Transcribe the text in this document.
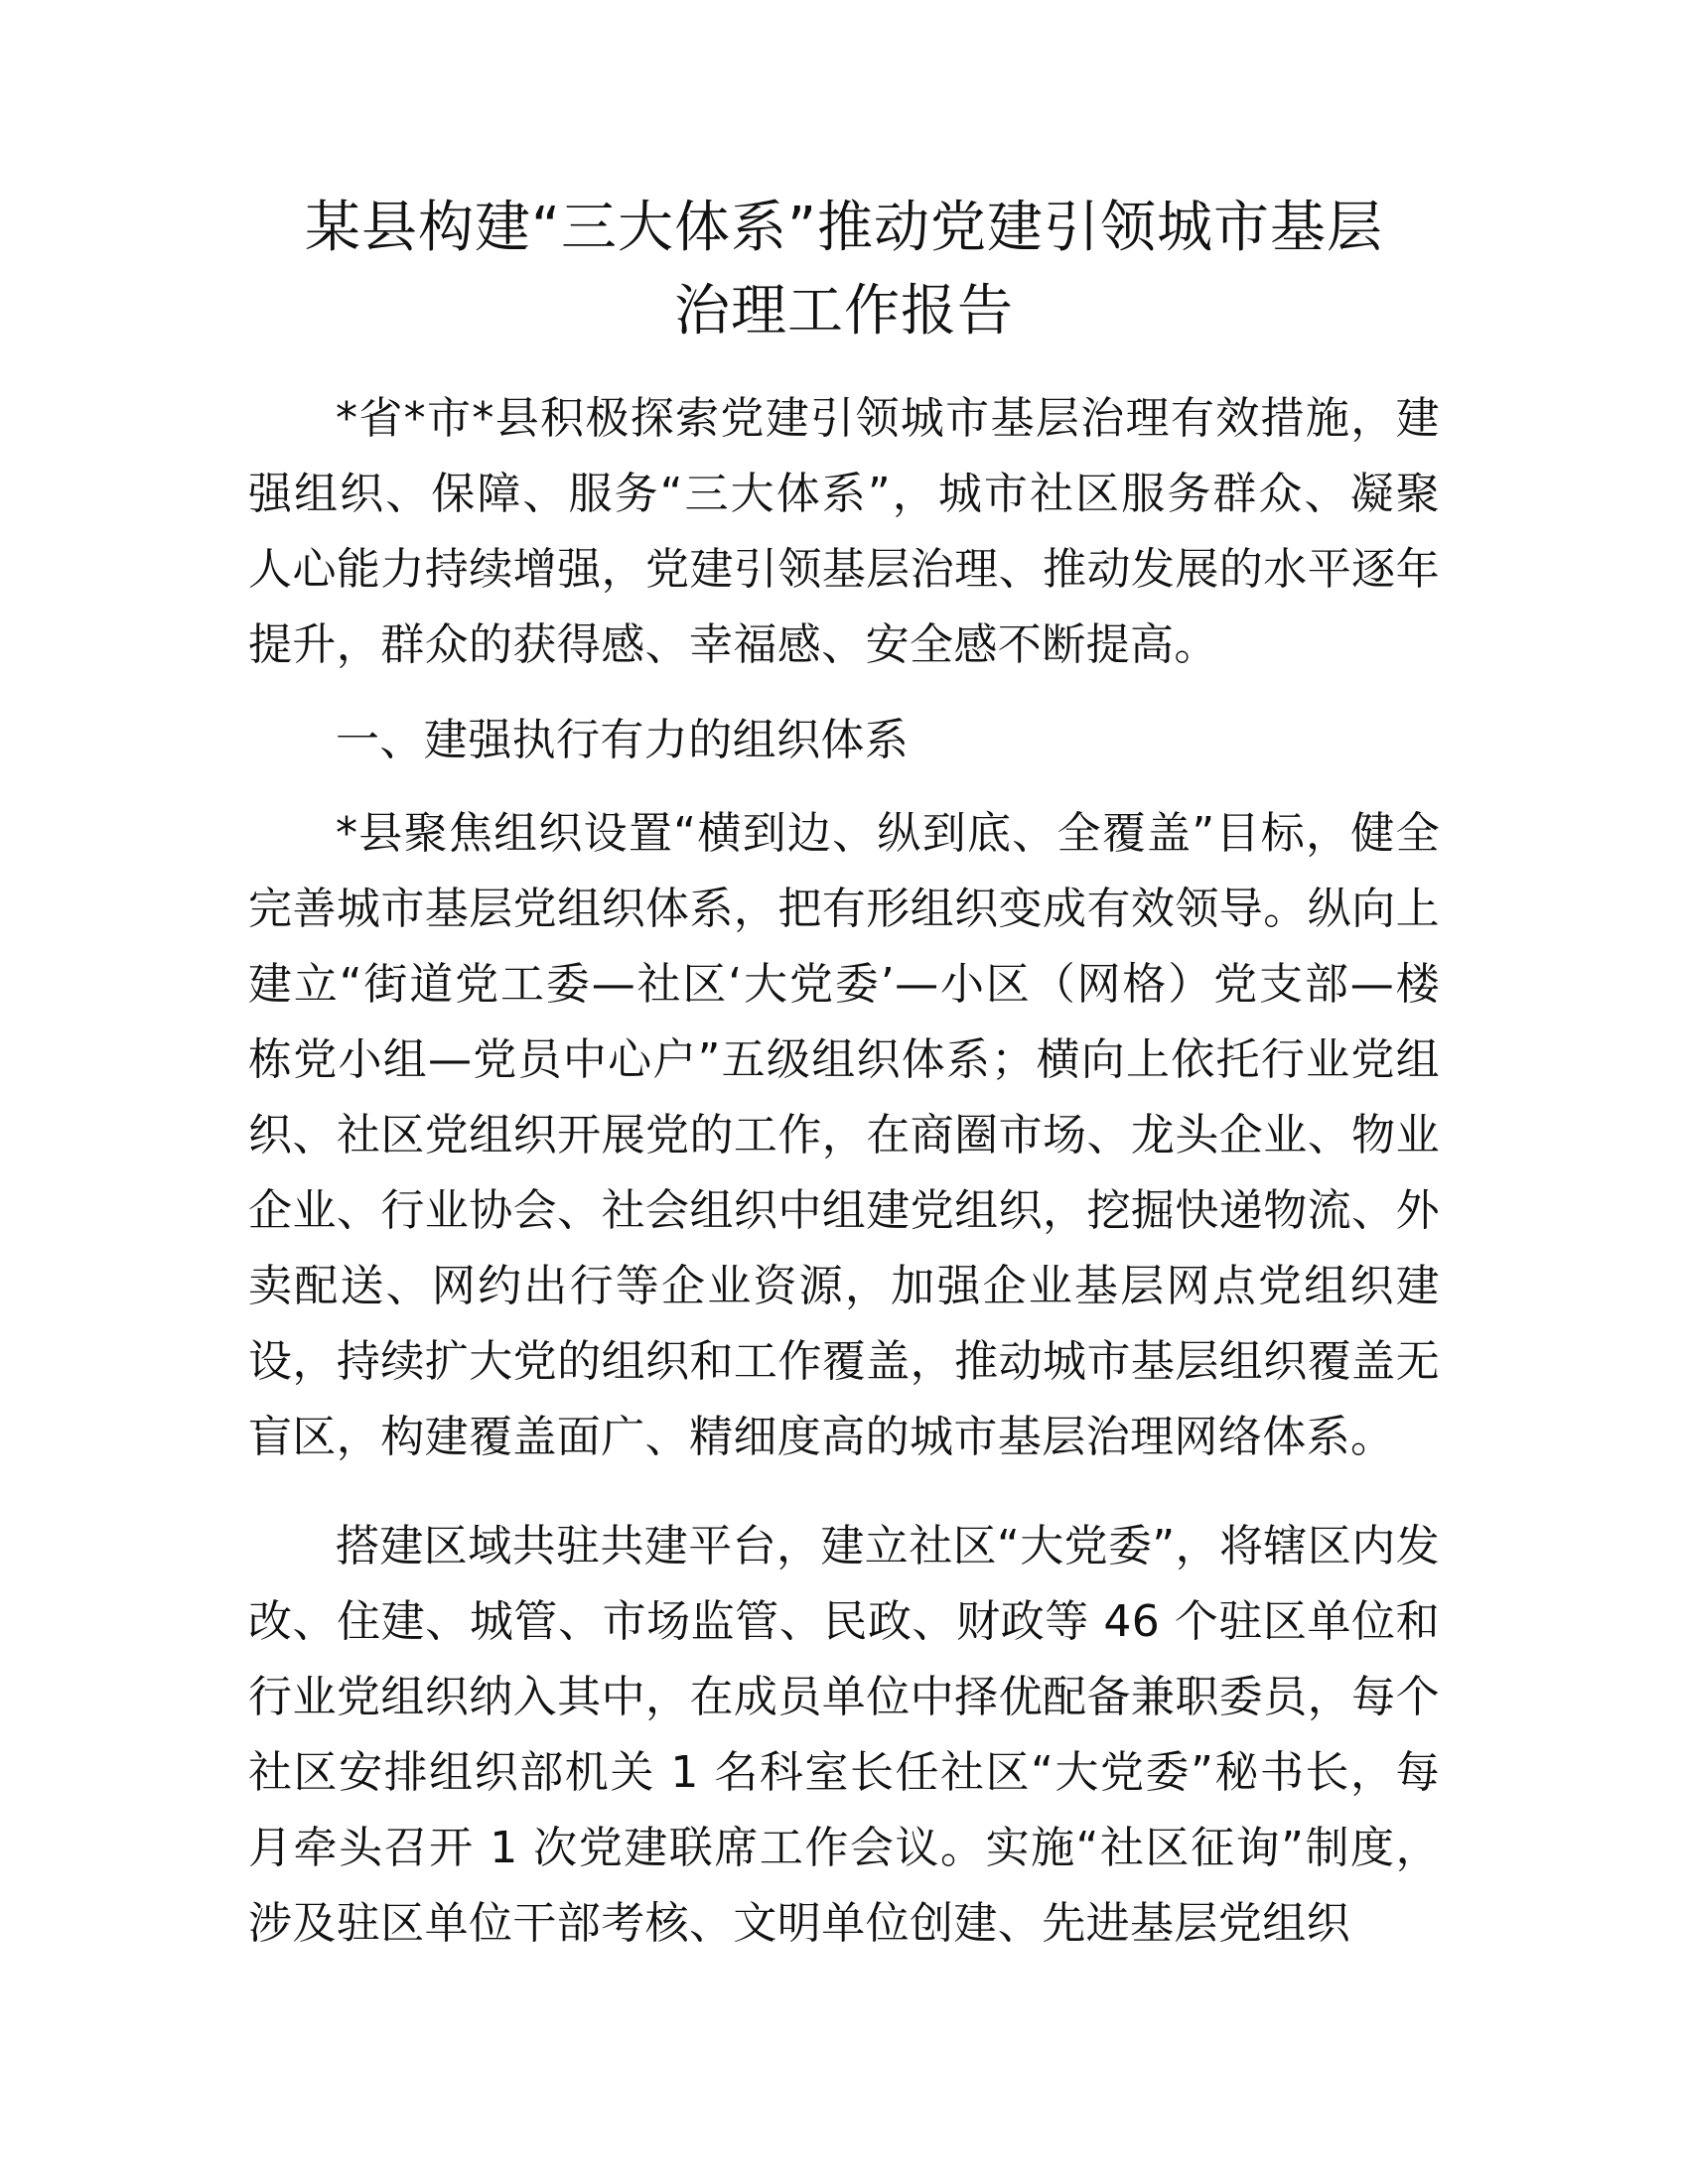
某县构建“三大体系”推动党建引领城市基层
治理工作报告

*省*市*县积极探索党建引领城市基层治理有效措施，建强组织、保障、服务“三大体系”，城市社区服务群众、凝聚人心能力持续增强，党建引领基层治理、推动发展的水平逐年提升，群众的获得感、幸福感、安全感不断提高。

一、建强执行有力的组织体系

*县聚焦组织设置“横到边、纵到底、全覆盖”目标，健全完善城市基层党组织体系，把有形组织变成有效领导。纵向上建立“街道党工委—社区‘大党委’—小区（网格）党支部—楼栋党小组—党员中心户”五级组织体系；横向上依托行业党组织、社区党组织开展党的工作，在商圈市场、龙头企业、物业企业、行业协会、社会组织中组建党组织，挖掘快递物流、外卖配送、网约出行等企业资源，加强企业基层网点党组织建设，持续扩大党的组织和工作覆盖，推动城市基层组织覆盖无盲区，构建覆盖面广、精细度高的城市基层治理网络体系。

搭建区域共驻共建平台，建立社区“大党委”，将辖区内发改、住建、城管、市场监管、民政、财政等 46 个驻区单位和行业党组织纳入其中，在成员单位中择优配备兼职委员，每个社区安排组织部机关 1 名科室长任社区“大党委”秘书长，每月牵头召开 1 次党建联席工作会议。实施“社区征询”制度，涉及驻区单位干部考核、文明单位创建、先进基层党组织
